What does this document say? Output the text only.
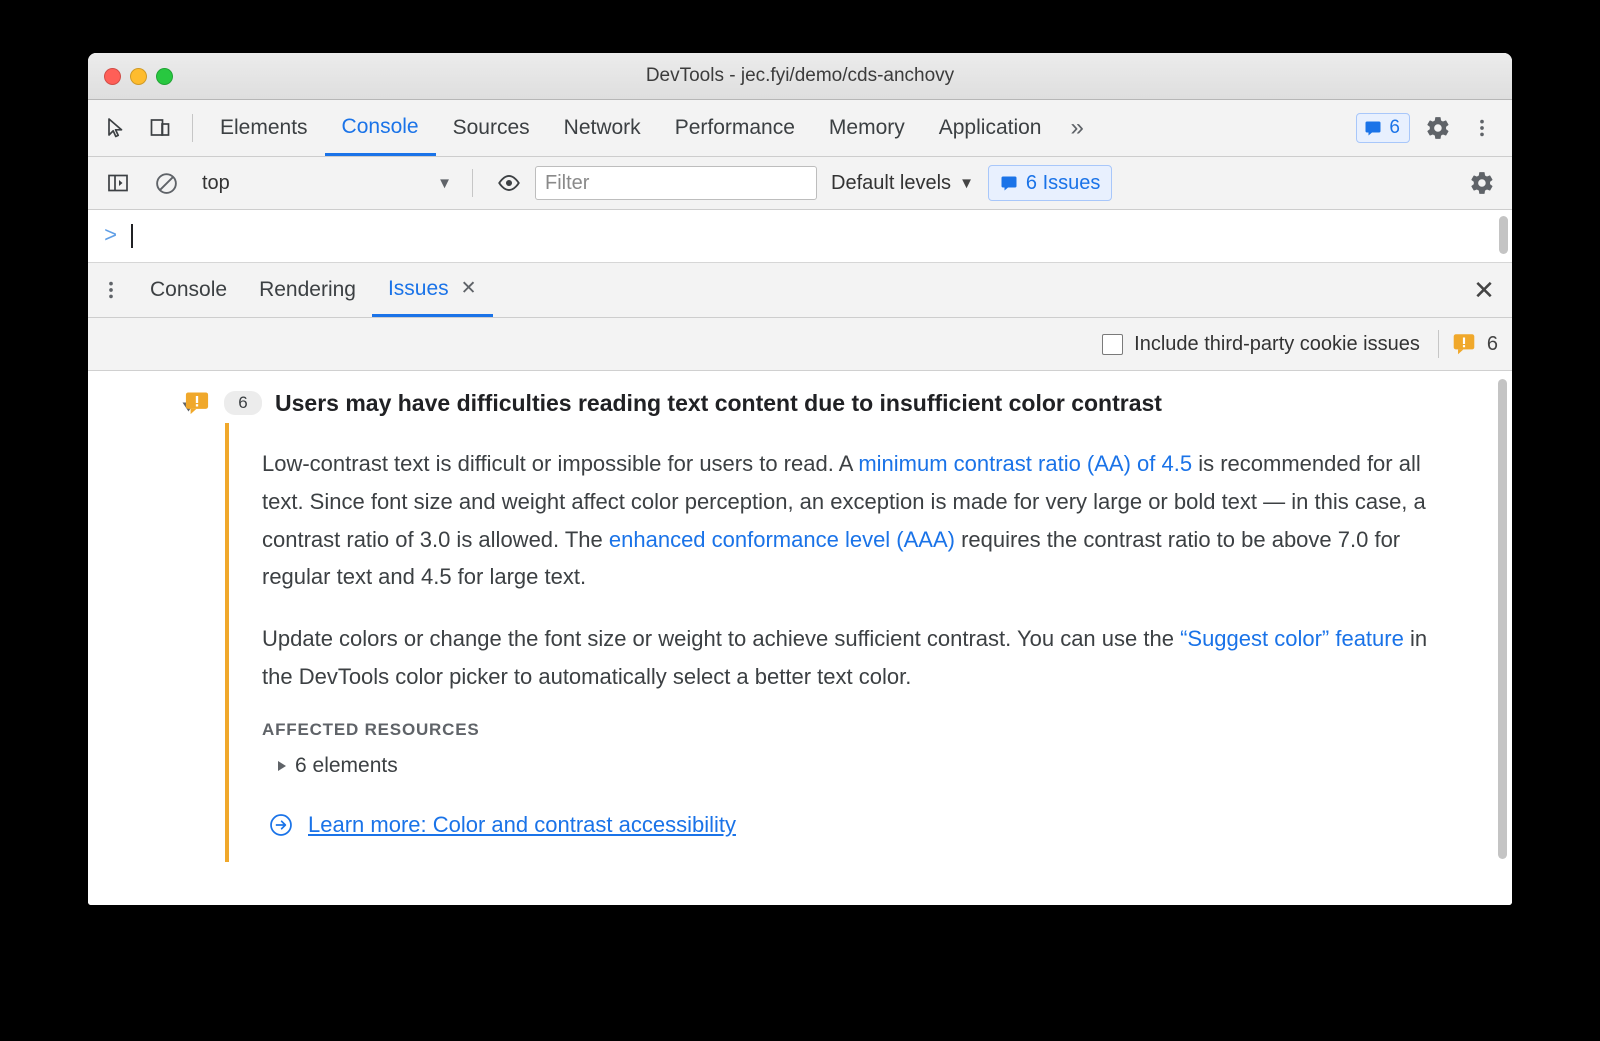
DevTools - jec.fyi/demo/cds-anchovy
Elements	Console	Sources	Network	Performance	Memory	Application	»	6
top	▼
Filter	Default levels ▼	6 Issues
>
Console	Rendering	Issues ✕	✕
Include third-party cookie issues	6
6	Users may have difficulties reading text content due to insufficient color contrast
Low-contrast text is difficult or impossible for users to read. A minimum contrast ratio (AA) of 4.5 is recommended for all text. Since font size and weight affect color perception, an exception is made for very large or bold text — in this case, a contrast ratio of 3.0 is allowed. The enhanced conformance level (AAA) requires the contrast ratio to be above 7.0 for regular text and 4.5 for large text.
Update colors or change the font size or weight to achieve sufficient contrast. You can use the “Suggest color” feature in the DevTools color picker to automatically select a better text color.
AFFECTED RESOURCES
6 elements
Learn more: Color and contrast accessibility
